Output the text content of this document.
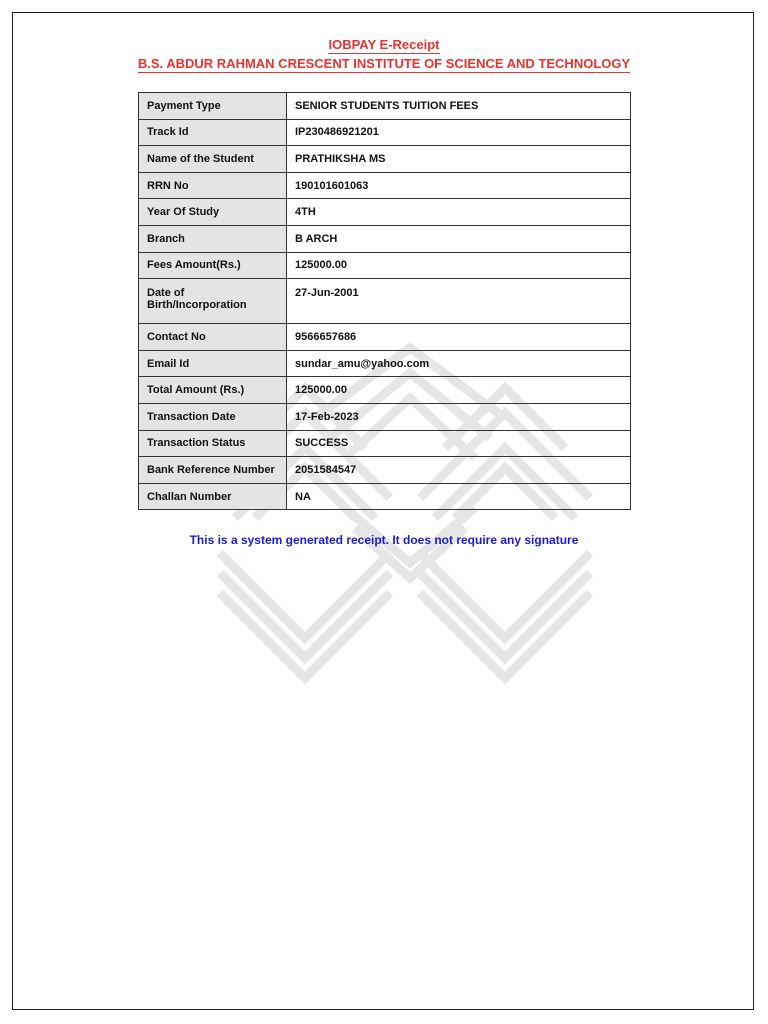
IOBPAY E-Receipt
B.S. ABDUR RAHMAN CRESCENT INSTITUTE OF SCIENCE AND TECHNOLOGY
Payment Type	SENIOR STUDENTS TUITION FEES
Track Id	IP230486921201
Name of the Student	PRATHIKSHA MS
RRN No	190101601063
Year Of Study	4TH
Branch	B ARCH
Fees Amount(Rs.)	125000.00
Date of Birth/Incorporation	27-Jun-2001
Contact No	9566657686
Email Id	sundar_amu@yahoo.com
Total Amount (Rs.)	125000.00
Transaction Date	17-Feb-2023
Transaction Status	SUCCESS
Bank Reference Number	2051584547
Challan Number	NA
This is a system generated receipt. It does not require any signature
